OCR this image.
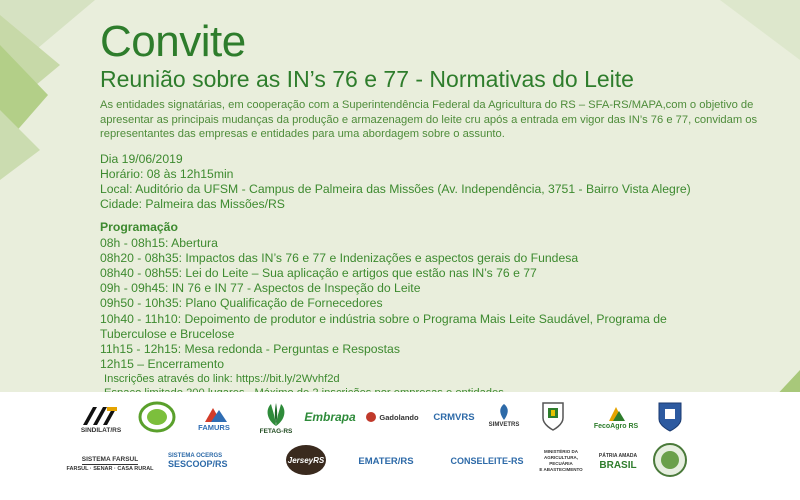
Convite
Reunião sobre as IN’s 76 e 77 - Normativas do Leite
As entidades signatárias, em cooperação com a Superintendência Federal da Agricultura do RS – SFA-RS/MAPA,com o objetivo de apresentar as principais mudanças da produção e armazenagem do leite cru após a entrada em vigor das IN’s 76 e 77, convidam os representantes das empresas e entidades para uma abordagem sobre o assunto.
Dia 19/06/2019
Horário: 08 às 12h15min
Local: Auditório da UFSM - Campus de Palmeira das Missões (Av. Independência, 3751 - Bairro Vista Alegre)
Cidade: Palmeira das Missões/RS
Programação
08h - 08h15: Abertura
08h20 - 08h35: Impactos das IN’s 76 e 77 e Indenizações e aspectos gerais do Fundesa
08h40 - 08h55: Lei do Leite – Sua aplicação e artigos que estão nas IN’s 76 e 77
09h - 09h45: IN 76 e IN 77 - Aspectos de Inspeção do Leite
09h50 - 10h35: Plano Qualificação de Fornecedores
10h40 - 11h10: Depoimento de produtor e indústria sobre o Programa Mais Leite Saudável, Programa de
Tuberculose e Brucelose
11h15 - 12h15: Mesa redonda - Perguntas e Respostas
12h15 – Encerramento
Inscrições através do link: https://bit.ly/2Wvhf2d
SINDILAT/RS	FAMURS	FETAG-RS
Embrapa	Gadolando CRMVRS
SIMVETRS	FecoAgro RS
SISTEMA FARSUL
FARSUL · SENAR · CASA RURAL
SISTEMA OCERGS
SESCOOP/RS	JerseyRS	EMATER/RS	CONSELEITE-RS
MINISTÉRIO DA
AGRICULTURA, PECUÁRIA
E ABASTECIMENTO
PÁTRIA AMADA
BRASIL
